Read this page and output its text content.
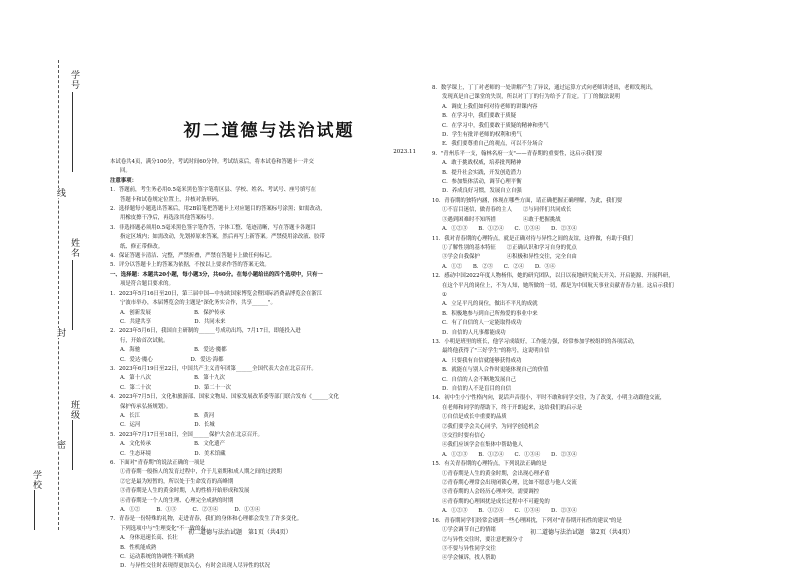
学号
姓名
班级
学校
线
封
密
初二道德与法治试题
2023.11
本试卷共4页，满分100分，考试时间60分钟。考试结束后，将本试卷和答题卡一并交
回。
注意事项：
1．答题前，考生务必用0.5毫米黑色签字笔将区县、学校、姓名、考试号、座号填写在
答题卡和试卷规定位置上，并核对条形码。
2．选择题每小题选出答案后，用2B铅笔把答题卡上对应题目的答案标号涂黑；如需改动，
用橡皮擦干净后，再选涂其他答案标号。
3．非选择题必须用0.5毫米黑色签字笔作答，字体工整、笔迹清晰，写在答题卡各题目
指定区域内；如需改动，先划掉原来答案，然后再写上新答案。严禁使用涂改液、胶带
纸、修正带修改。
4．保证答题卡清洁、完整，严禁折叠，严禁在答题卡上做任何标记。
5．评分以答题卡上的答案为依据，不按以上要求作答的答案无效。
一、选择题：本题共20小题，每小题3分，共60分。在每小题给出的四个选项中，只有一
项是符合题目要求的。
1．2023年5月16日至20日，第三届中国—中东欧国家博览会暨国际消费品博览会在浙江
宁波市举办，本届博览会的主题是"深化务实合作，共享______"。
A．创新发展　　　　　　　　B．保护传承
C．共建共享　　　　　　　　D．共同未来
2．2023年5月6日，我国自主研制的______号成功出坞，7月17日，即能投入进
行，开始首次试航。
A．海驰　　　　　　　　　　B．爱达·魔都
C．爱达·魔心　　　　　　　D．爱达·海都
3．2023年6月19日至22日，中国共产主义青年团第______全国代表大会在北京召开。
A．第十八次　　　　　　　　B．第十九次
C．第二十次　　　　　　　　D．第二十一次
4．2023年7月5日，文化和旅游部、国家文物局、国家发展改革委等部门联合发布《______文化
保护传承弘扬规划》。
A．长江　　　　　　　　　　B．黄河
C．运河　　　　　　　　　　D．长城
5．2023年7月17日至18日，全国______保护大会在北京召开。
A．文化传承　　　　　　　　B．文化遗产
C．生态环境　　　　　　　　D．美术馆藏
6．下面对"青春期"的说法正确的一项是
①青春期一般指人的发育过程中，介于儿童期和成人期之间的过渡期
②它是最为短暂的，所以处于生命发育的高峰期
③青春期是人生的黄金时期，人的性格开始形成和发展
④青春期是一个人的生理、心理完全成熟的时期
A．①②　　　B．①③　　　C．②③④　　　D．①③④
7．青春是一份特殊的礼物，走进青春，我们的身体和心理都会发生了许多变化。
下列选项中与"生理变化"不一致的有
A．身体迅速长高、长壮
B．性机能成熟
C．运动系统的协调性不断成熟
D．与异性交往时表现得更加关心，有时会出现人尽异性的状况
8．数学课上，丁丁对老师的一处讲解产生了异议，通过运算方式向老师讲述出，老师发现出，
发现真是自己课堂的失误，所以对丁丁的行为给予了肯定。丁丁的做法说明
A．调皮上我们如何对待老师的讲课内容
B．在学习中，我们要敢于质疑
C．在学习中，我们要敢于质疑的精神和勇气
D．学生有批评老师的权利和勇气
E．我们要尊重自己的观点，可以不分场合
9．"青州乐平一支，翰林名府一支"——青春期的重要性，这启示我们要
A．敢于挑战权威，培养批判精神
B．提升社会实践，开发创造潜力
C．参加集体活动，调节心理平衡
D．养成良好习惯，发展自立自强
10．青春期的独特内涵，体现在哪些方面，请正确把握正确理解，为此，我们要
①不盲目迷信，做青春的主人　　②与同伴们共同成长
③遇到困难时不知所措　　　　　④敢于把握挑战
A．①②③　　B．①②④　　C．①③④　　D．②③④
11．我对青春期的心理特点，就是正确对待与异性之间的友谊，这样做，有助于我们
①了解性别的基本特征　　②正确认识和学习自身的优点
③学会自我保护　　　　　④积极和异性交往，完全自由
A．①②　　B．②③　　C．②④　　D．③④
12．感动中国2022年度人物杨伟，她的研究团队，以日以夜地研究航天开关、开启能源、开展科研，
在这个平凡的岗位上，不为人知，她所做的一切，都是为中国航天事业贡献青春力量。这启示我们
①
A．立足平凡的岗位，做出不平凡的成就
B．积极地参与到自己所热爱的事业中来
C．有了自信的人一定能取得成功
D．自信的人凡事都能成功
13．小明是班里的班长，他学习成绩好，工作能力强，经常参加学校组织的各项活动，
最终他获得了"三好学生"的称号，这说明自信
A．只要我有自信就能够获得成功
B．就能在与别人合作时更能体现自己的价值
C．自信的人会不断地发展自己
D．自信的人不是盲目的自信
14．初中生小宁性格内向，说话声音很小，平时不敢和同学交往，为了改变，小明主动跟他交流，
在老师和同学的帮助下，终于开朗起来，这给我们的启示是
①自信是成长中重要的品质
②我们要学会关心同学，为同学创造机会
③交往时要有信心
④我们应该学会在集体中帮助他人
A．①②③　　B．①②④　　C．①③④　　D．②③④
15．有关青春期的心理特点，下列说法正确的是
①青春期是人生的黄金时期，会出现心理矛盾
②青春期心理常会出现闭锁心理，比如不愿意与他人交流
③青春期的人会经历心理冲突，需要调控
④青春期的心理困扰是成长过程中不可避免的
A．①②③　　B．①②④　　C．①③④　　D．②③④
16．青春期同学们经常会遇到一些心理困扰，下列对"青春期开拓性的建议"的是
①学会调节自己的情绪
②与异性交往时，要注意把握分寸
③不要与异性同学交往
④学会倾诉，找人帮助
初二道德与法治试题　第1页（共4页）	初二道德与法治试题　第2页（共4页）
